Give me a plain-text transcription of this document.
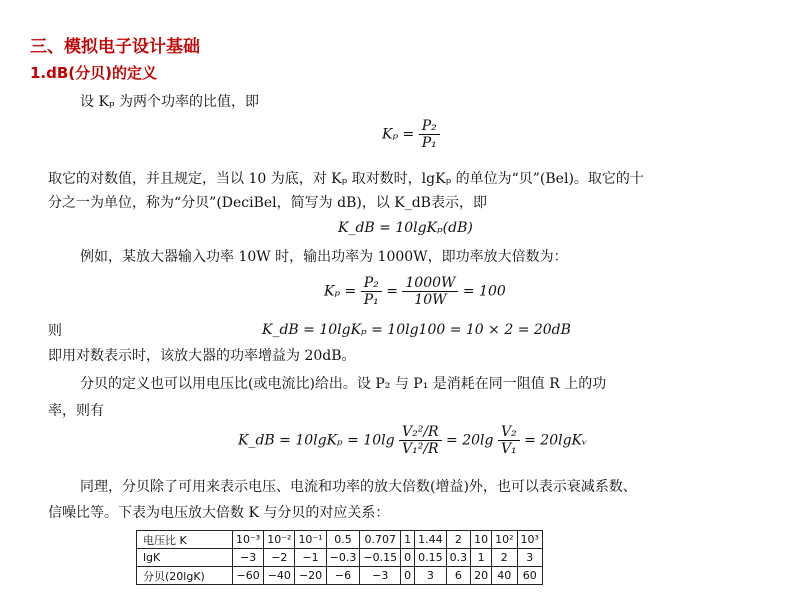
三、模拟电子设计基础
1.dB(分贝)的定义
设 Kₚ 为两个功率的比值，即
$K_p = \frac{\text{P₂}}{\text{P₁}}$
取它的对数值，并且规定，当以 10 为底，对 Kₚ 取对数时，lgKₚ 的单位为“贝”(Bel)。取它的十
分之一为单位，称为“分贝”(DeciBel，简写为 dB)，以 K_dB表示，即
K_dB = 10lgKₚ(dB)
例如，某放大器输入功率 10W 时，输出功率为 1000W，即功率放大倍数为：
$K_p = \frac{\text{P₂}}{\text{P₁}} = \frac{1000W}{10W} = 100$
则	K_dB = 10lgKₚ = 10lg100 = 10 × 2 = 20dB
即用对数表示时，该放大器的功率增益为 20dB。
分贝的定义也可以用电压比(或电流比)给出。设 P₂ 与 P₁ 是消耗在同一阻值 R 上的功
率，则有
K_dB = $10\lg K_p = 10\lg \frac{\text{V₂²/R}}{\text{V₁²/R}} = 20\lg \frac{\text{V₂}}{\text{V₁}}$ = 20lgKᵥ
同理，分贝除了可用来表示电压、电流和功率的放大倍数(增益)外，也可以表示衰减系数、
信噪比等。下表为电压放大倍数 K 与分贝的对应关系：
电压比 K	10⁻³	10⁻²	10⁻¹	0.5	0.707	1	1.44	2	10	10²	10³
lgK	−3	−2	−1	−0.3	−0.15	0	0.15	0.3	1	2	3
分贝(20lgK)	−60	−40	−20	−6	−3	0	3	6	20	40	60
